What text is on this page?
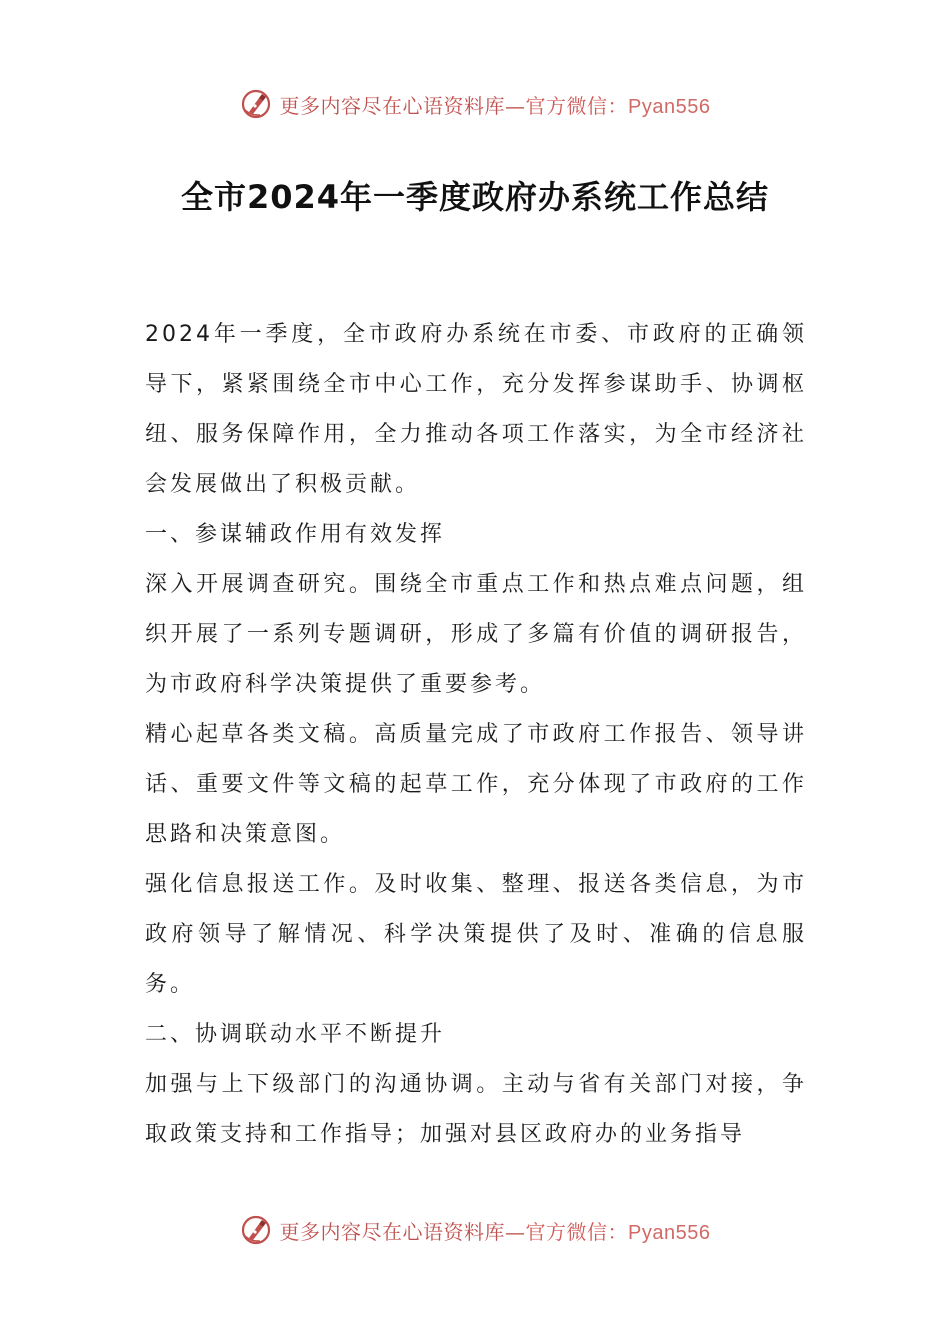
更多内容尽在心语资料库—官方微信：Pyan556
全市2024年一季度政府办系统工作总结

2024年一季度，全市政府办系统在市委、市政府的正确领导下，紧紧围绕全市中心工作，充分发挥参谋助手、协调枢纽、服务保障作用，全力推动各项工作落实，为全市经济社会发展做出了积极贡献。

一、参谋辅政作用有效发挥

深入开展调查研究。围绕全市重点工作和热点难点问题，组织开展了一系列专题调研，形成了多篇有价值的调研报告，为市政府科学决策提供了重要参考。

精心起草各类文稿。高质量完成了市政府工作报告、领导讲话、重要文件等文稿的起草工作，充分体现了市政府的工作思路和决策意图。

强化信息报送工作。及时收集、整理、报送各类信息，为市政府领导了解情况、科学决策提供了及时、准确的信息服务。

二、协调联动水平不断提升

加强与上下级部门的沟通协调。主动与省有关部门对接，争取政策支持和工作指导；加强对县区政府办的业务指导

更多内容尽在心语资料库—官方微信：Pyan556
